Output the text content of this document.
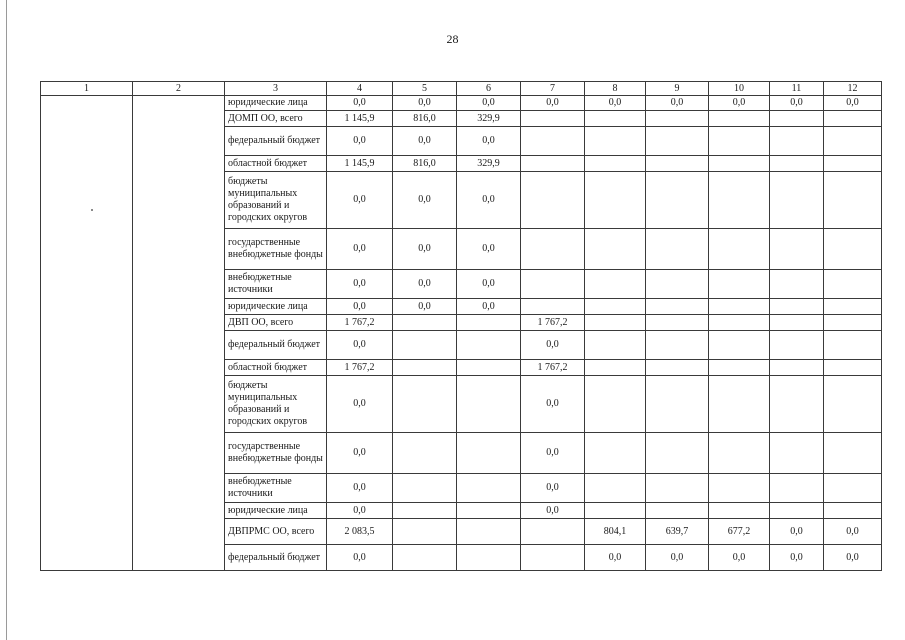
28
1	2	3	4	5	6	7	8	9	10	11	12
		юридические лица	0,0	0,0	0,0	0,0	0,0	0,0	0,0	0,0	0,0
		ДОМП ОО, всего	1 145,9	816,0	329,9						
		федеральный бюджет	0,0	0,0	0,0						
		областной бюджет	1 145,9	816,0	329,9						
		бюджеты муниципальных образований и городских округов	0,0	0,0	0,0						
		государственные внебюджетные фонды	0,0	0,0	0,0						
		внебюджетные источники	0,0	0,0	0,0						
		юридические лица	0,0	0,0	0,0						
		ДВП ОО, всего	1 767,2			1 767,2					
		федеральный бюджет	0,0			0,0					
		областной бюджет	1 767,2			1 767,2					
		бюджеты муниципальных образований и городских округов	0,0			0,0					
		государственные внебюджетные фонды	0,0			0,0					
		внебюджетные источники	0,0			0,0					
		юридические лица	0,0			0,0					
		ДВПРМС ОО, всего	2 083,5				804,1	639,7	677,2	0,0	0,0
		федеральный бюджет	0,0				0,0	0,0	0,0	0,0	0,0
